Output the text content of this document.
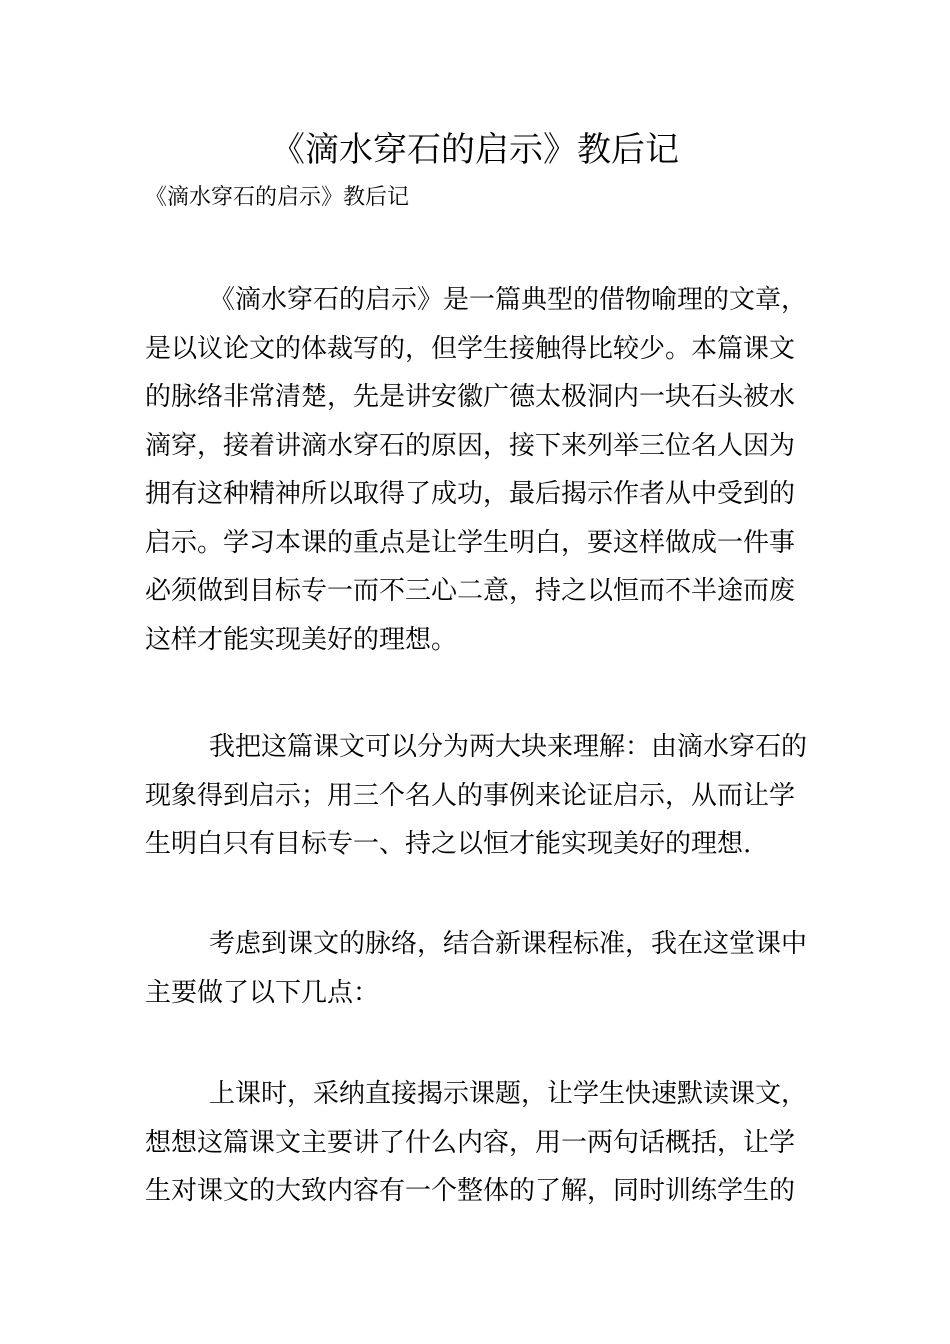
《滴水穿石的启示》教后记

《滴水穿石的启示》教后记

《滴水穿石的启示》是一篇典型的借物喻理的文章，
是以议论文的体裁写的，但学生接触得比较少。本篇课文
的脉络非常清楚，先是讲安徽广德太极洞内一块石头被水
滴穿，接着讲滴水穿石的原因，接下来列举三位名人因为
拥有这种精神所以取得了成功，最后揭示作者从中受到的
启示。学习本课的重点是让学生明白，要这样做成一件事
必须做到目标专一而不三心二意，持之以恒而不半途而废
这样才能实现美好的理想。

我把这篇课文可以分为两大块来理解：由滴水穿石的
现象得到启示；用三个名人的事例来论证启示，从而让学
生明白只有目标专一、持之以恒才能实现美好的理想.

考虑到课文的脉络，结合新课程标准，我在这堂课中
主要做了以下几点：

上课时，采纳直接揭示课题，让学生快速默读课文，
想想这篇课文主要讲了什么内容，用一两句话概括，让学
生对课文的大致内容有一个整体的了解，同时训练学生的
